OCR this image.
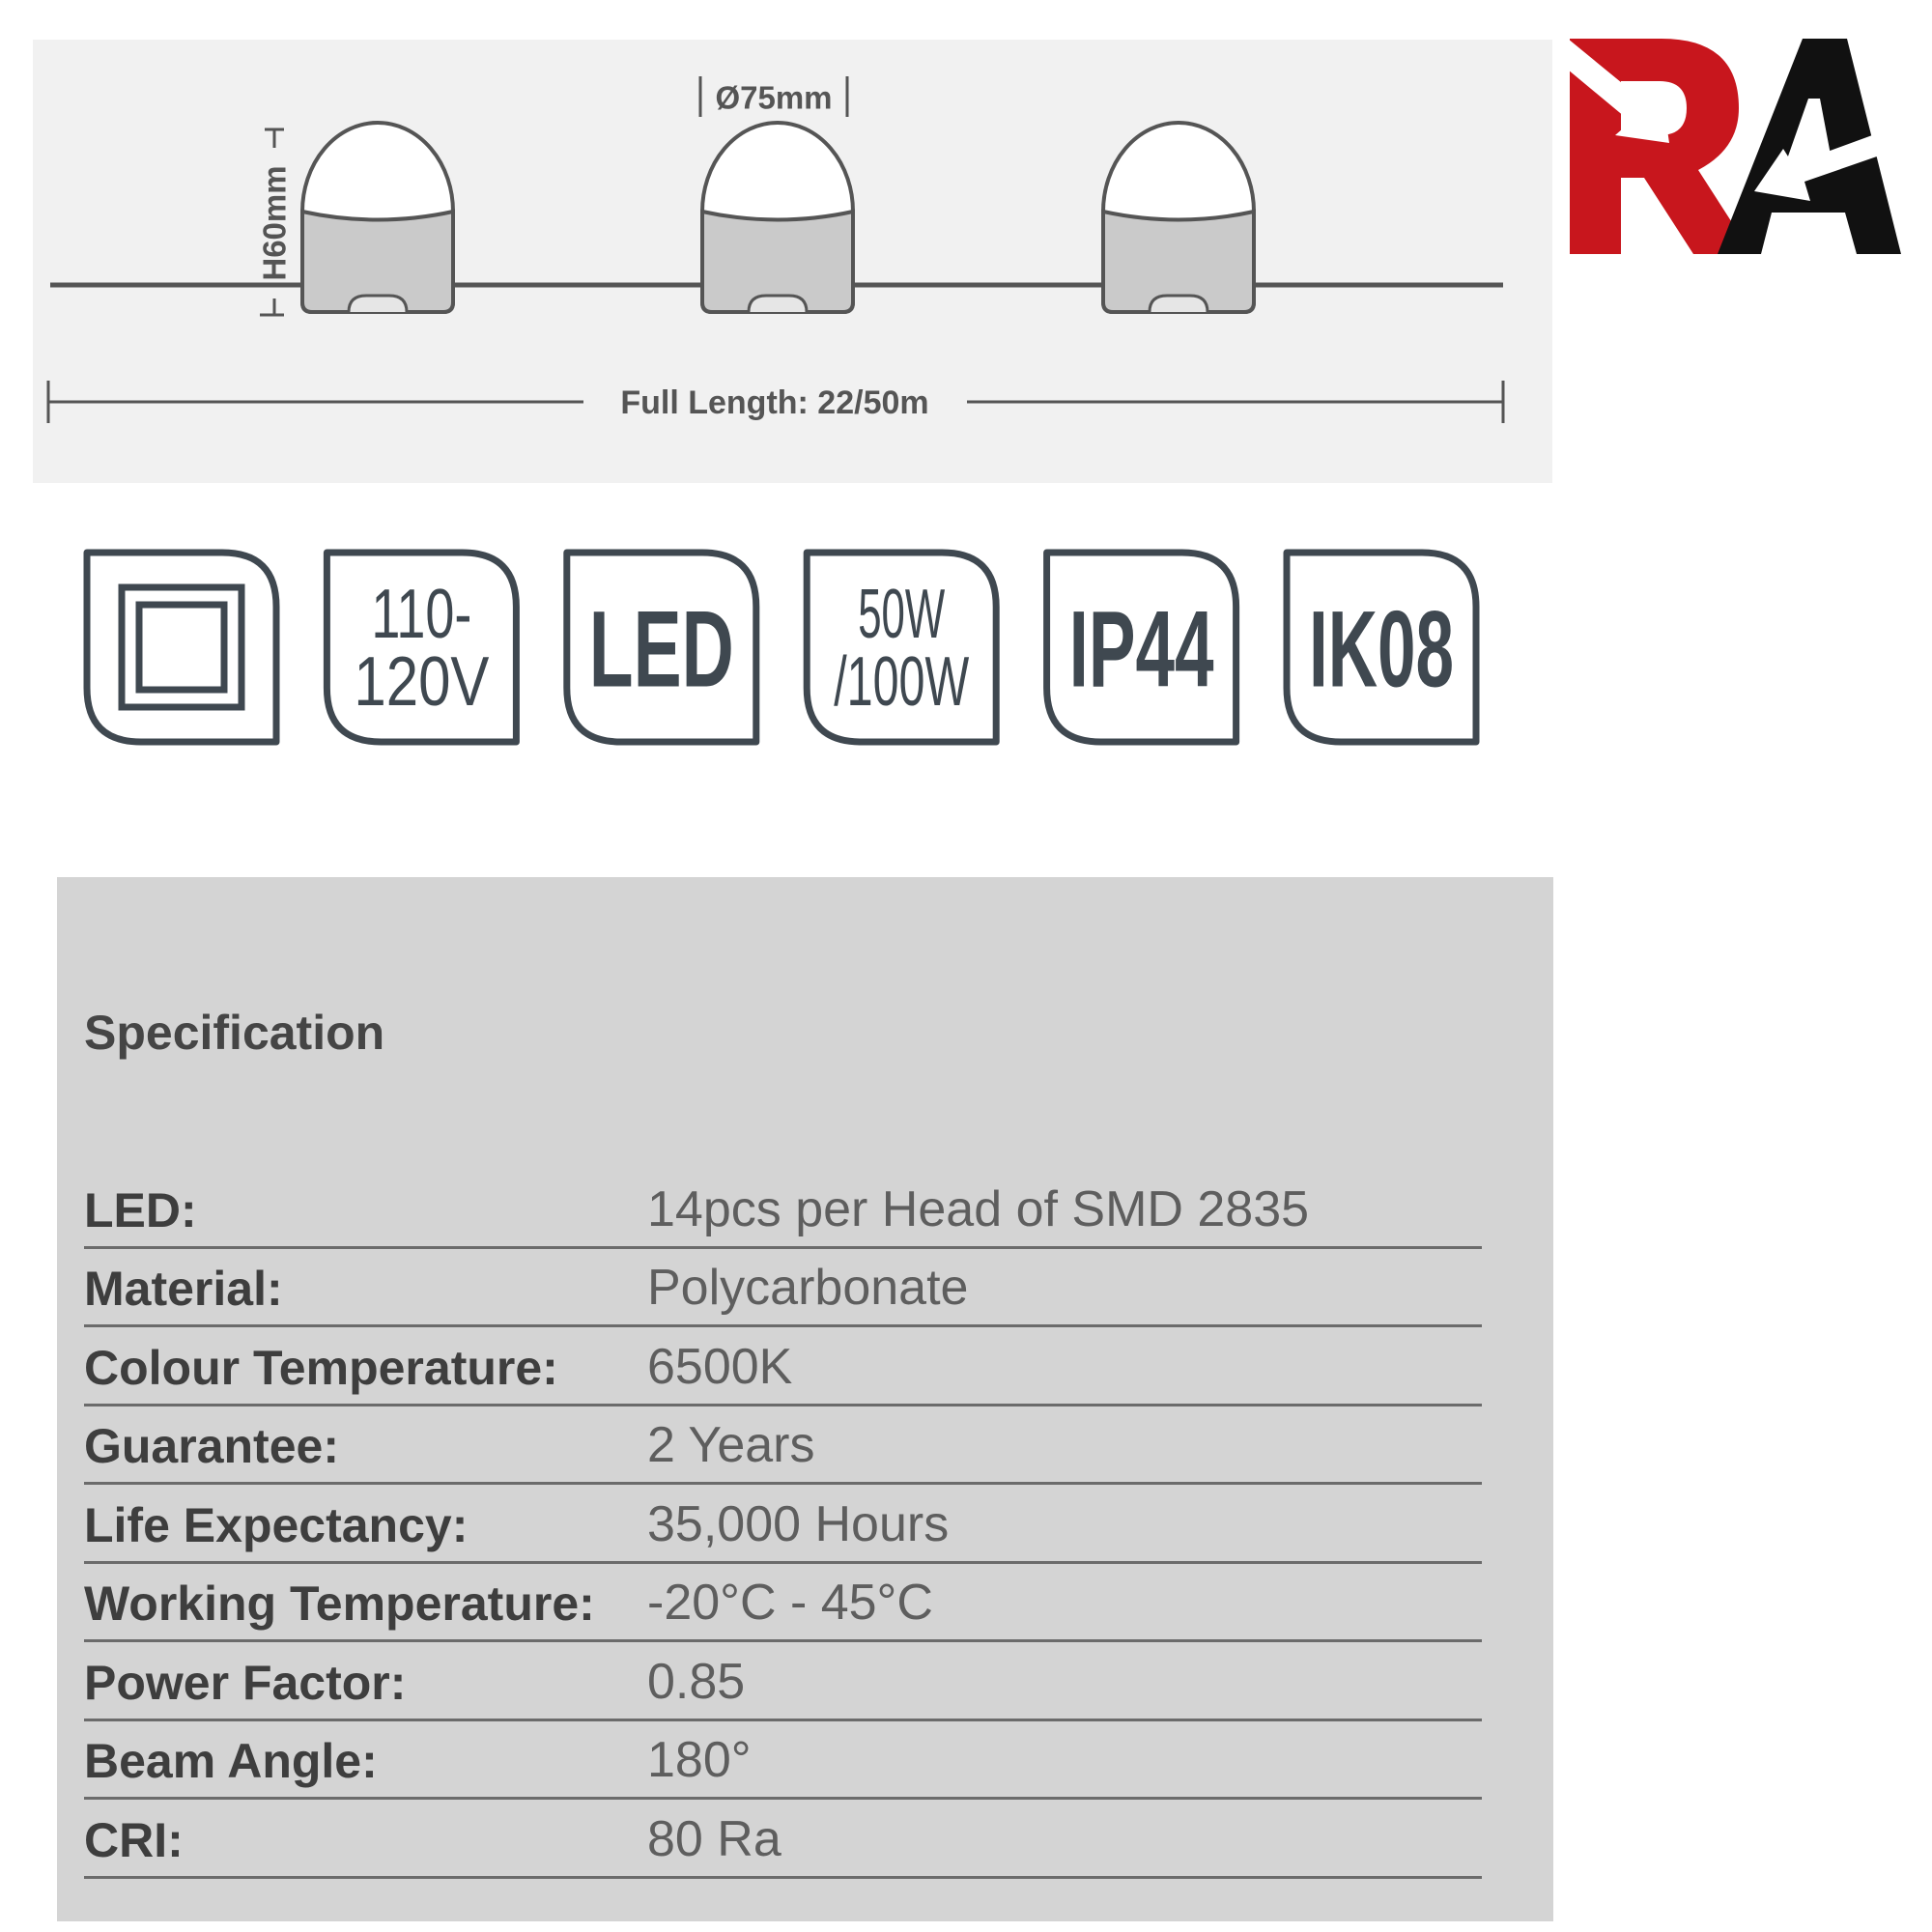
H60mm
Ø75mm
Full Length: 22/50m
110-
120V LED 50W
/100W IP44 IK08
Specification
LED:	14pcs per Head of SMD 2835
Material:	Polycarbonate
Colour Temperature: 6500K
Guarantee:	2 Years
Life Expectancy:	35,000 Hours
Working Temperature: -20°C - 45°C
Power Factor:	0.85
Beam Angle:	180°
CRI:	80 Ra
